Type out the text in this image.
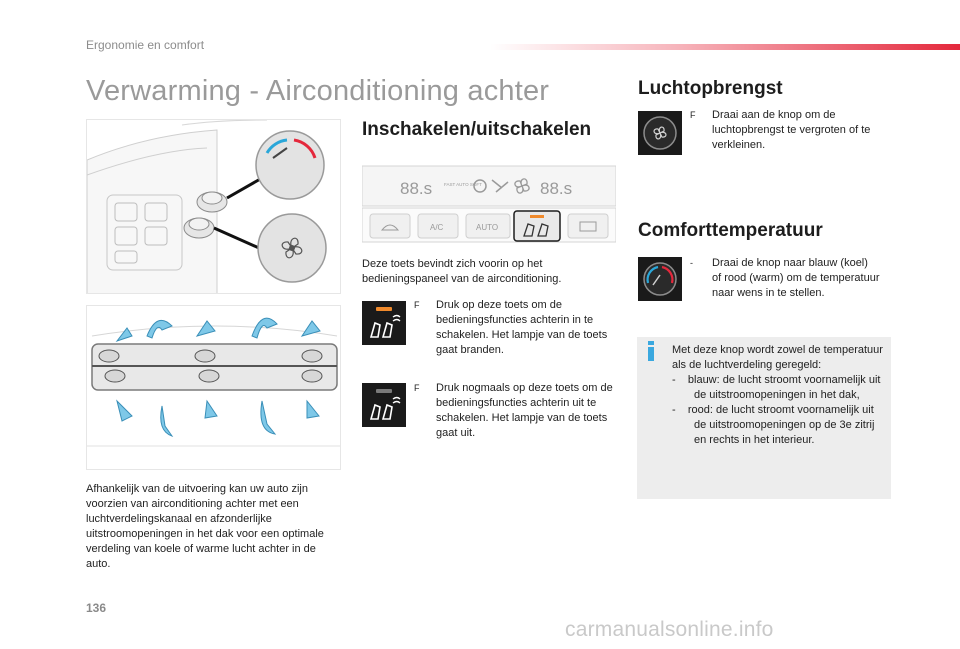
Ergonomie en comfort
Verwarming - Airconditioning achter
Afhankelijk van de uitvoering kan uw auto zijn voorzien van airconditioning achter met een luchtverdelingskanaal en afzonderlijke uitstroomopeningen in het dak voor een optimale verdeling van koele of warme lucht achter in de auto.
Inschakelen/uitschakelen
88.s	FAST AUTO SOFT	88.s
A/C	AUTO
Deze toets bevindt zich voorin op het bedieningspaneel van de airconditioning.
F	Druk op deze toets om de bedieningsfuncties achterin in te schakelen. Het lampje van de toets gaat branden.
F	Druk nogmaals op deze toets om de bedieningsfuncties achterin uit te schakelen. Het lampje van de toets gaat uit.
Luchtopbrengst
F	Draai aan de knop om de luchtopbrengst te vergroten of te verkleinen.
Comforttemperatuur
-	Draai de knop naar blauw (koel) of rood (warm) om de temperatuur naar wens in te stellen.
Met deze knop wordt zowel de temperatuur als de luchtverdeling geregeld:
-    blauw: de lucht stroomt voornamelijk uit de uitstroomopeningen in het dak,
-    rood: de lucht stroomt voornamelijk uit de uitstroomopeningen op de 3e zitrij en rechts in het interieur.
136
carmanualsonline.info
